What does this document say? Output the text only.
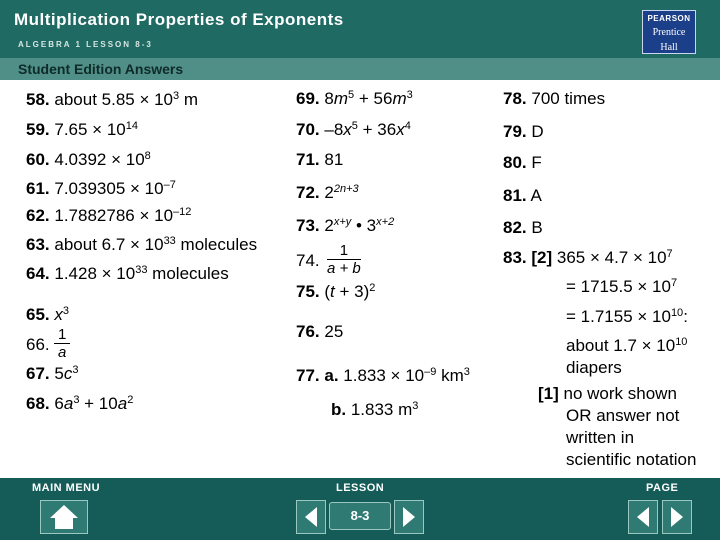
Multiplication Properties of Exponents
ALGEBRA 1 LESSON 8-3
PEARSON
Prentice
Hall
Student Edition Answers
58. about $5.85 \times 10^3$ m
59. $7.65 \times 10^{14}$
60. $4.0392 \times 10^8$
61. $7.039305 \times 10^{-7}$
62. $1.7882786 \times 10^{-12}$
63. about $6.7 \times 10^{33}$ molecules
64. $1.428 \times 10^{33}$ molecules
65. $x^3$
66. $\frac{1}{a}$
67. $5c^3$
68. $6a^3 + 10a^2$
69. $8m^5 + 56m^3$
70. $-8x^5 + 36x^4$
71. 81
72. $2^{2n+3}$
73. $2^{x+y}$ • $3^{x+2}$
74. $\frac{1}{a + b}$
75. $(t + 3)^2$
76. 25
77. a. $1.833 \times 10^{-9}$ $km^3$
b. 1.833 $m^3$
78. 700 times
79. D
80. F
81. A
82. B
83. [2] $365 \times 4.7 \times 10^7$
= $1715.5 \times 10^7$
= $1.7155 \times 10^{10}$:
about $1.7 \times 10^{10}$
diapers
[1] no work shown
OR answer not
written in
scientific notation
MAIN MENU	LESSON	PAGE
8-3
